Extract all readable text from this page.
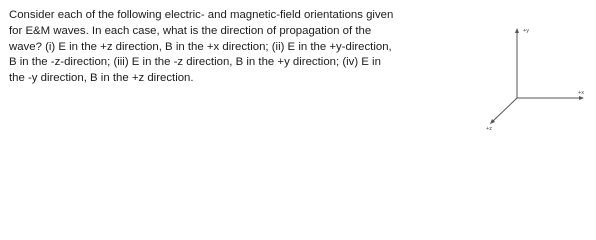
Consider each of the following electric- and magnetic-field orientations given
for E&M waves. In each case, what is the direction of propagation of the
wave? (i) E in the +z direction, B in the +x direction; (ii) E in the +y-direction,
B in the -z-direction; (iii) E in the -z direction, B in the +y direction; (iv) E in
the -y direction, B in the +z direction.
+y
+x
+z
